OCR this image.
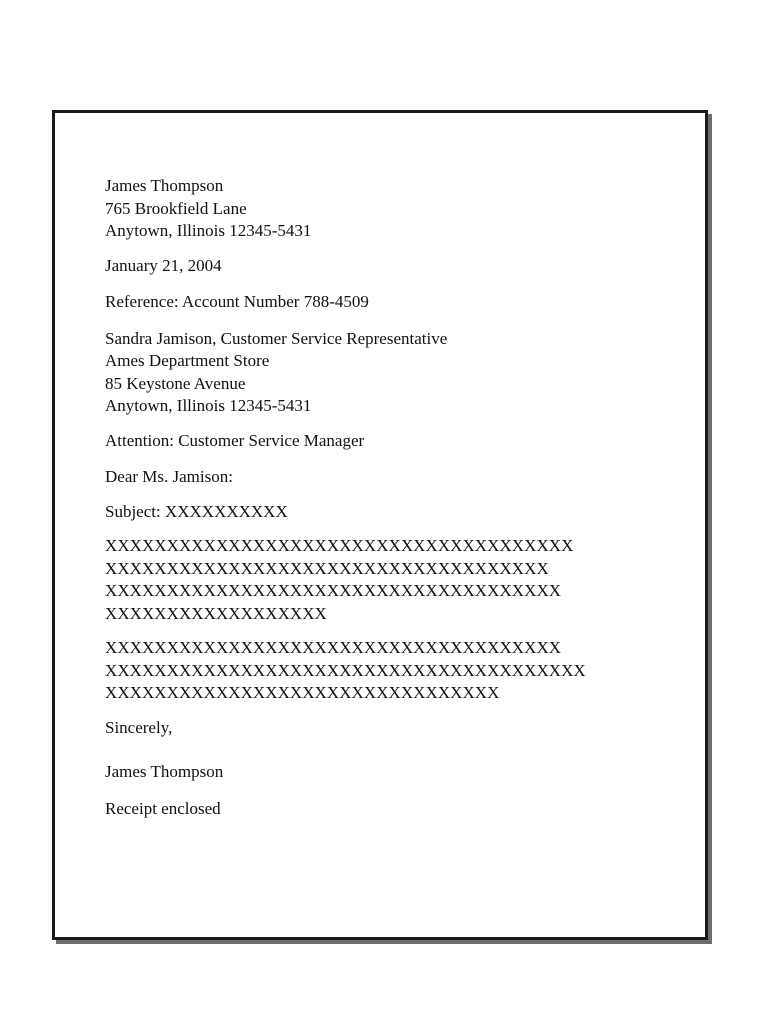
James Thompson
765 Brookfield Lane
Anytown, Illinois 12345-5431
January 21, 2004
Reference: Account Number 788-4509
Sandra Jamison, Customer Service Representative
Ames Department Store
85 Keystone Avenue
Anytown, Illinois 12345-5431
Attention: Customer Service Manager
Dear Ms. Jamison:
Subject: XXXXXXXXXX
XXXXXXXXXXXXXXXXXXXXXXXXXXXXXXXXXXXXXX
XXXXXXXXXXXXXXXXXXXXXXXXXXXXXXXXXXXX
XXXXXXXXXXXXXXXXXXXXXXXXXXXXXXXXXXXXX
XXXXXXXXXXXXXXXXXX
XXXXXXXXXXXXXXXXXXXXXXXXXXXXXXXXXXXXX
XXXXXXXXXXXXXXXXXXXXXXXXXXXXXXXXXXXXXXX
XXXXXXXXXXXXXXXXXXXXXXXXXXXXXXXX
Sincerely,
James Thompson
Receipt enclosed
